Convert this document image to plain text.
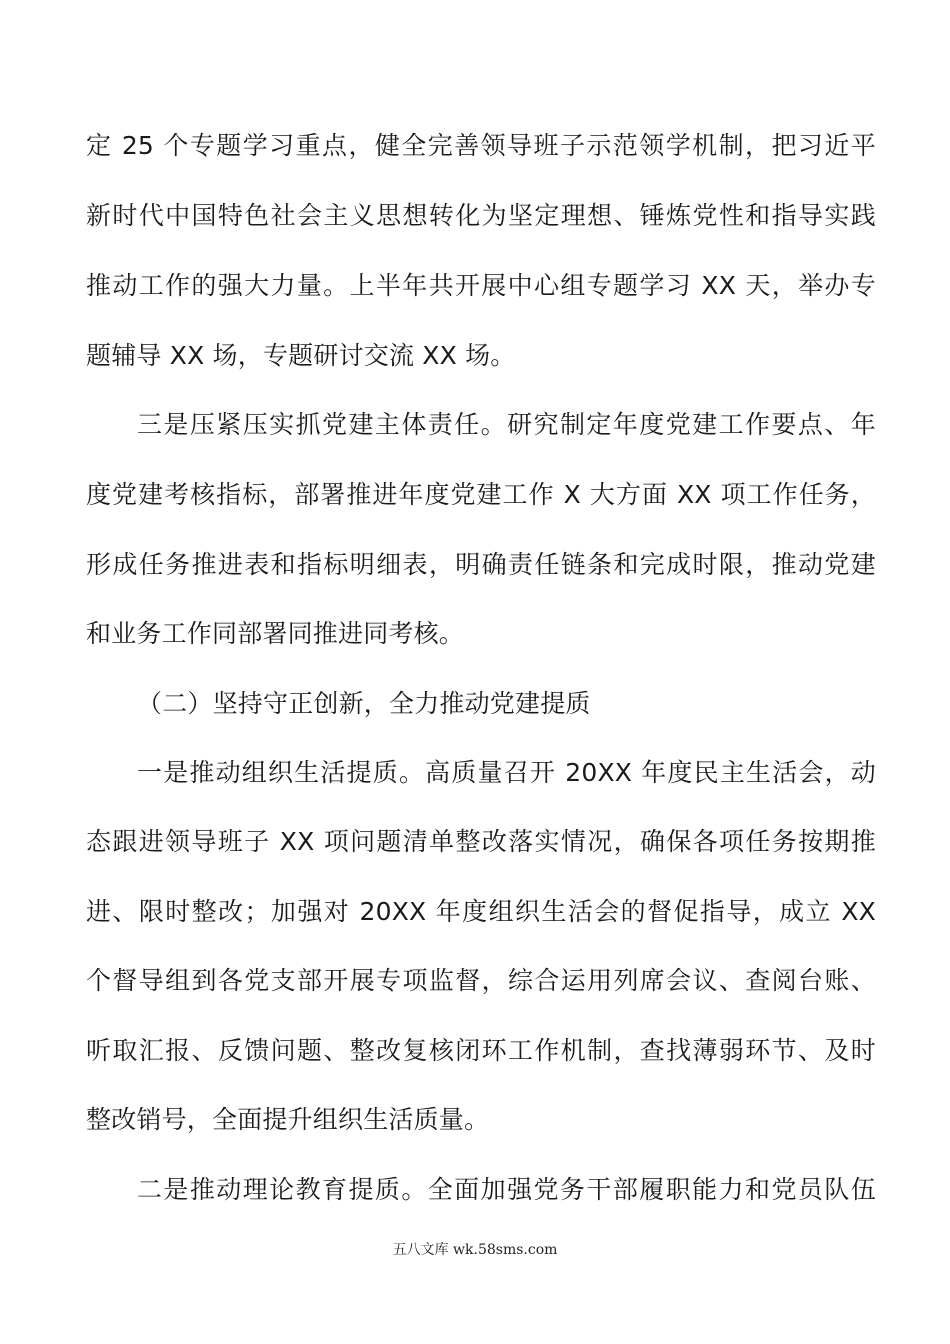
定 25 个专题学习重点，健全完善领导班子示范领学机制，把习近平
新时代中国特色社会主义思想转化为坚定理想、锤炼党性和指导实践
推动工作的强大力量。上半年共开展中心组专题学习 XX 天，举办专
题辅导 XX 场，专题研讨交流 XX 场。
三是压紧压实抓党建主体责任。研究制定年度党建工作要点、年
度党建考核指标，部署推进年度党建工作 X 大方面 XX 项工作任务，
形成任务推进表和指标明细表，明确责任链条和完成时限，推动党建
和业务工作同部署同推进同考核。
（二）坚持守正创新，全力推动党建提质
一是推动组织生活提质。高质量召开 20XX 年度民主生活会，动
态跟进领导班子 XX 项问题清单整改落实情况，确保各项任务按期推
进、限时整改；加强对 20XX 年度组织生活会的督促指导，成立 XX
个督导组到各党支部开展专项监督，综合运用列席会议、查阅台账、
听取汇报、反馈问题、整改复核闭环工作机制，查找薄弱环节、及时
整改销号，全面提升组织生活质量。
二是推动理论教育提质。全面加强党务干部履职能力和党员队伍
五八文库 wk.58sms.com
